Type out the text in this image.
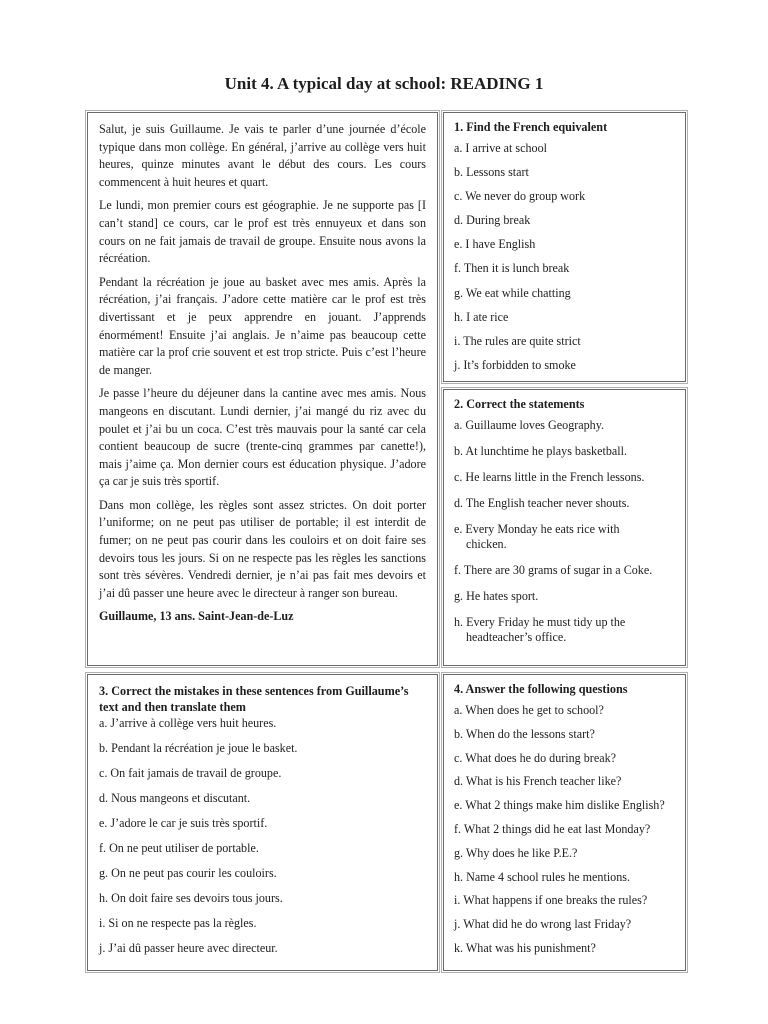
Unit 4. A typical day at school: READING 1

Salut, je suis Guillaume. Je vais te parler d’une journée d’école typique dans mon collège. En général, j’arrive au collège vers huit heures, quinze minutes avant le début des cours. Les cours commencent à huit heures et quart.

Le lundi, mon premier cours est géographie. Je ne supporte pas [I can’t stand] ce cours, car le prof est très ennuyeux et dans son cours on ne fait jamais de travail de groupe. Ensuite nous avons la récréation.

Pendant la récréation je joue au basket avec mes amis. Après la récréation, j’ai français. J’adore cette matière car le prof est très divertissant et je peux apprendre en jouant. J’apprends énormément! Ensuite j’ai anglais. Je n’aime pas beaucoup cette matière car la prof crie souvent et est trop stricte. Puis c’est l’heure de manger.

Je passe l’heure du déjeuner dans la cantine avec mes amis. Nous mangeons en discutant. Lundi dernier, j’ai mangé du riz avec du poulet et j’ai bu un coca. C’est très mauvais pour la santé car cela contient beaucoup de sucre (trente-cinq grammes par canette!), mais j’aime ça. Mon dernier cours est éducation physique. J’adore ça car je suis très sportif.

Dans mon collège, les règles sont assez strictes. On doit porter l’uniforme; on ne peut pas utiliser de portable; il est interdit de fumer; on ne peut pas courir dans les couloirs et on doit faire ses devoirs tous les jours. Si on ne respecte pas les règles les sanctions sont très sévères. Vendredi dernier, je n’ai pas fait mes devoirs et j’ai dû passer une heure avec le directeur à ranger son bureau.

Guillaume, 13 ans. Saint-Jean-de-Luz
1. Find the French equivalent
a. I arrive at school
b. Lessons start
c. We never do group work
d. During break
e. I have English
f. Then it is lunch break
g. We eat while chatting
h. I ate rice
i. The rules are quite strict
j. It’s forbidden to smoke
2. Correct the statements
a. Guillaume loves Geography.
b. At lunchtime he plays basketball.
c. He learns little in the French lessons.
d. The English teacher never shouts.
e. Every Monday he eats rice with
chicken.
f. There are 30 grams of sugar in a Coke.
g. He hates sport.
h. Every Friday he must tidy up the
headteacher’s office.
3. Correct the mistakes in these sentences from Guillaume’s text and then translate them
a. J’arrive à collège vers huit heures.
b. Pendant la récréation je joue le basket.
c. On fait jamais de travail de groupe.
d. Nous mangeons et discutant.
e. J’adore le car je suis très sportif.
f. On ne peut utiliser de portable.
g. On ne peut pas courir les couloirs.
h. On doit faire ses devoirs tous jours.
i. Si on ne respecte pas la règles.
j. J’ai dû passer heure avec directeur.
4. Answer the following questions
a. When does he get to school?
b. When do the lessons start?
c. What does he do during break?
d. What is his French teacher like?
e. What 2 things make him dislike English?
f. What 2 things did he eat last Monday?
g. Why does he like P.E.?
h. Name 4 school rules he mentions.
i. What happens if one breaks the rules?
j. What did he do wrong last Friday?
k. What was his punishment?
